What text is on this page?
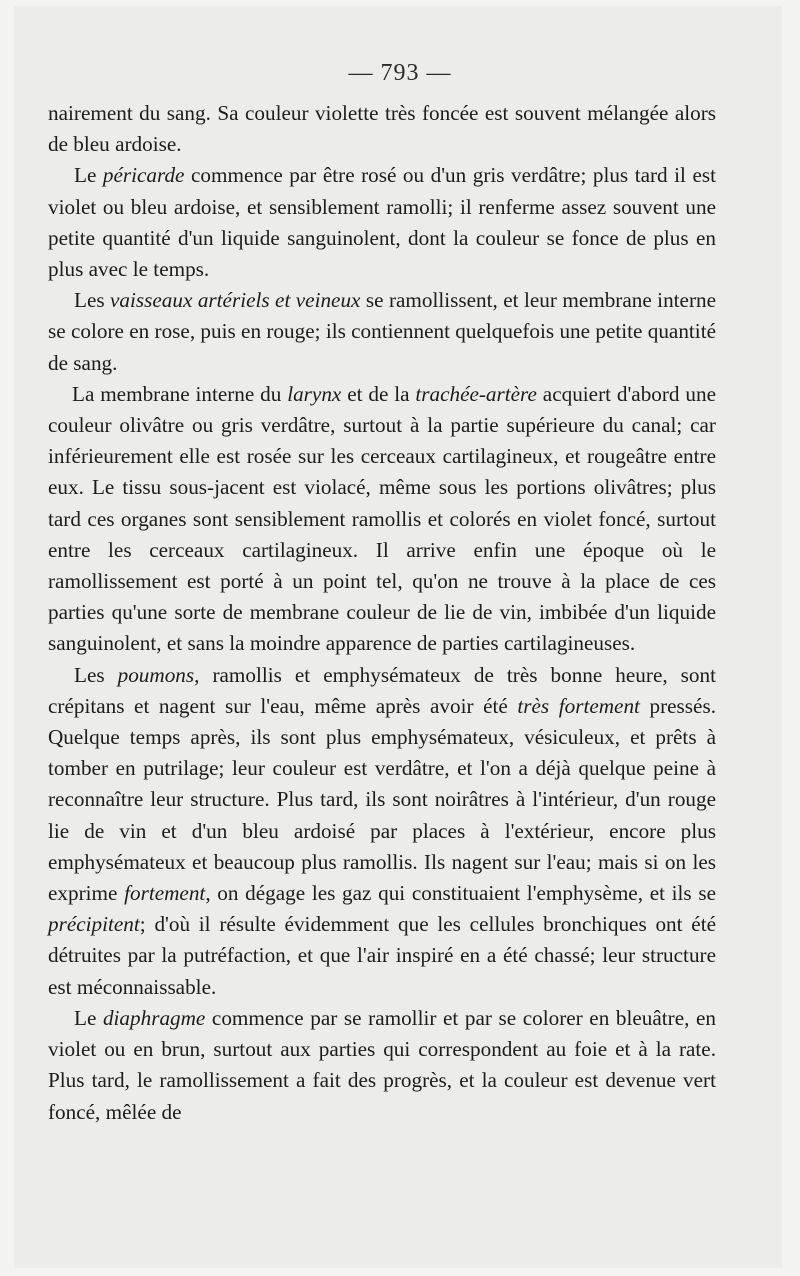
— 793 —

nairement du sang. Sa couleur violette très foncée est souvent mélangée alors de bleu ardoise.

Le péricarde commence par être rosé ou d'un gris verdâtre; plus tard il est violet ou bleu ardoise, et sensiblement ramolli; il renferme assez souvent une petite quantité d'un liquide sanguinolent, dont la couleur se fonce de plus en plus avec le temps.

Les vaisseaux artériels et veineux se ramollissent, et leur membrane interne se colore en rose, puis en rouge; ils contiennent quelquefois une petite quantité de sang.

La membrane interne du larynx et de la trachée-artère acquiert d'abord une couleur olivâtre ou gris verdâtre, surtout à la partie supérieure du canal; car inférieurement elle est rosée sur les cerceaux cartilagineux, et rougeâtre entre eux. Le tissu sous-jacent est violacé, même sous les portions olivâtres; plus tard ces organes sont sensiblement ramollis et colorés en violet foncé, surtout entre les cerceaux cartilagineux. Il arrive enfin une époque où le ramollissement est porté à un point tel, qu'on ne trouve à la place de ces parties qu'une sorte de membrane couleur de lie de vin, imbibée d'un liquide sanguinolent, et sans la moindre apparence de parties cartilagineuses.

Les poumons, ramollis et emphysémateux de très bonne heure, sont crépitans et nagent sur l'eau, même après avoir été très fortement pressés. Quelque temps après, ils sont plus emphysémateux, vésiculeux, et prêts à tomber en putrilage; leur couleur est verdâtre, et l'on a déjà quelque peine à reconnaître leur structure. Plus tard, ils sont noirâtres à l'intérieur, d'un rouge lie de vin et d'un bleu ardoisé par places à l'extérieur, encore plus emphysémateux et beaucoup plus ramollis. Ils nagent sur l'eau; mais si on les exprime fortement, on dégage les gaz qui constituaient l'emphysème, et ils se précipitent; d'où il résulte évidemment que les cellules bronchiques ont été détruites par la putréfaction, et que l'air inspiré en a été chassé; leur structure est méconnaissable.

Le diaphragme commence par se ramollir et par se colorer en bleuâtre, en violet ou en brun, surtout aux parties qui correspondent au foie et à la rate. Plus tard, le ramollissement a fait des progrès, et la couleur est devenue vert foncé, mêlée de
